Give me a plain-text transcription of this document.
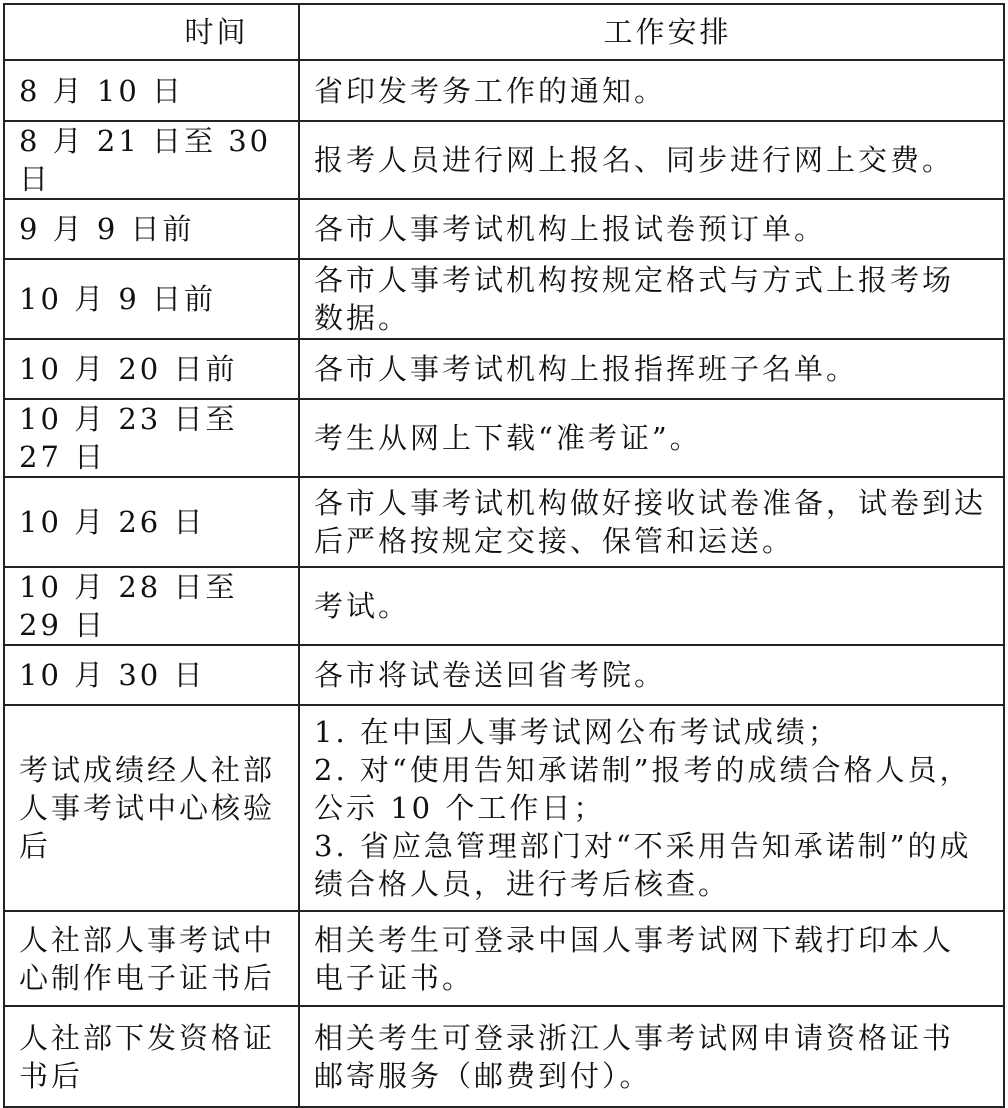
时间	工作安排
8 月 10 日	省印发考务工作的通知。
8 月 21 日至 30 日	报考人员进行网上报名、同步进行网上交费。
9 月 9 日前	各市人事考试机构上报试卷预订单。
10 月 9 日前	各市人事考试机构按规定格式与方式上报考场
数据。

10 月 20 日前	各市人事考试机构上报指挥班子名单。
10 月 23 日至 27 日	考生从网上下载“准考证”。
10 月 26 日	各市人事考试机构做好接收试卷准备，试卷到达
后严格按规定交接、保管和运送。

10 月 28 日至 29 日	考试。
10 月 30 日	各市将试卷送回省考院。

考试成绩经人社部
人事考试中心核验
后	1. 在中国人事考试网公布考试成绩；
2. 对“使用告知承诺制”报考的成绩合格人员，
公示 10 个工作日；
3. 省应急管理部门对“不采用告知承诺制”的成
绩合格人员，进行考后核查。

人社部人事考试中
心制作电子证书后	相关考生可登录中国人事考试网下载打印本人
电子证书。

人社部下发资格证
书后	相关考生可登录浙江人事考试网申请资格证书
邮寄服务（邮费到付）。
